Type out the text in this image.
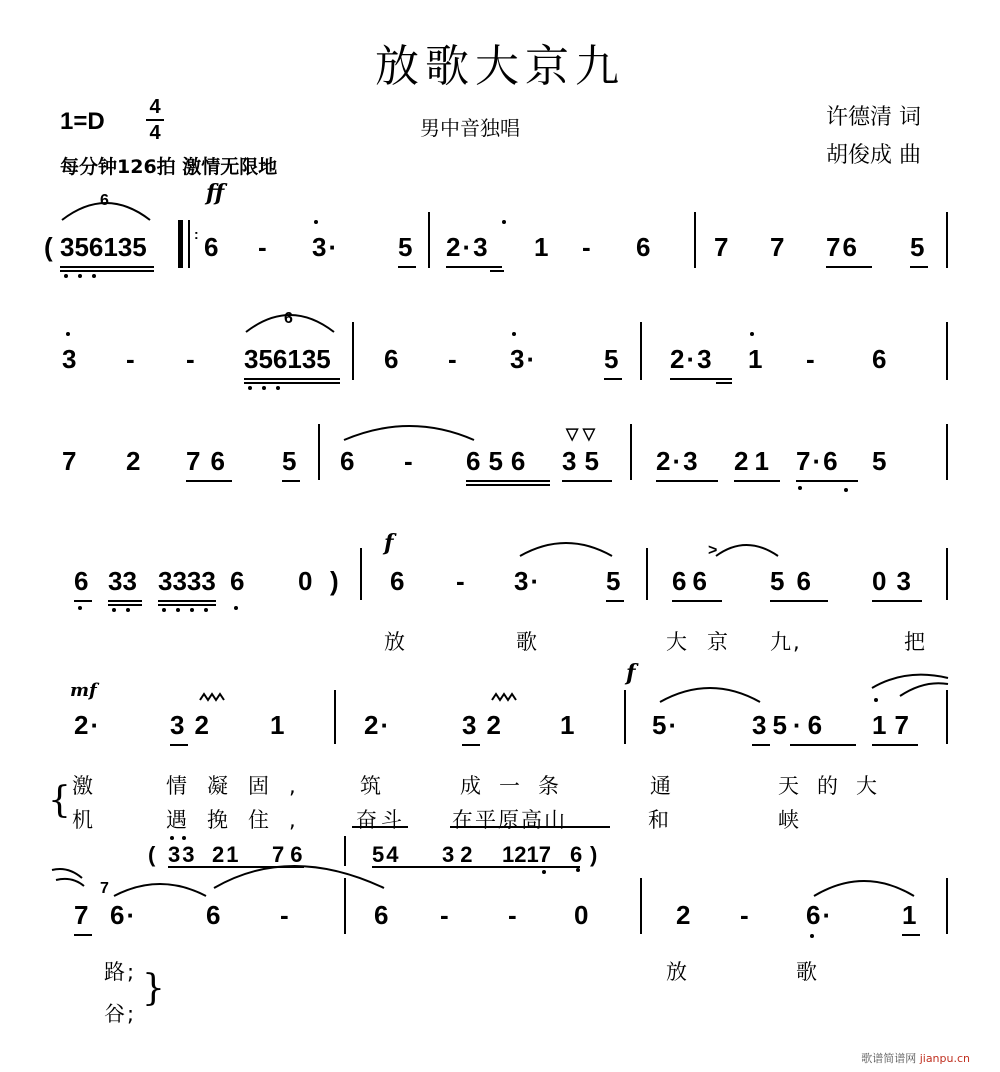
放歌大京九
1=D
4
4	男中音独唱
每分钟126拍 激情无限地
许德清 词
胡俊成 曲
ff
6
( 356135	: 6 - 3· 5 2·3 1 - 6 7 7 76 5
6
3 - - 356135 6 - 3·	5 2·3 1 - 6
7 2 76 5 6 - 656 35
▽ ▽
2·3 21 7·6 5
f
6 33 3333 6 0 ) 6 - 3· 5 66
>
56 03
放	歌	大京 九,	把
mf
f
2·	32 1	2·	32 1	5·	35·6 17
激	情凝固, 筑	成一条	通	天的大
{ 机	遇挽住, 奋斗 在平原高山	和	峡
( 33 21 76	54 32 1217 6 )
7
7 6·	6 -	6 - - 0	2 - 6·	1
路;	放	歌
谷;
}
歌谱简谱网 jianpu.cn
